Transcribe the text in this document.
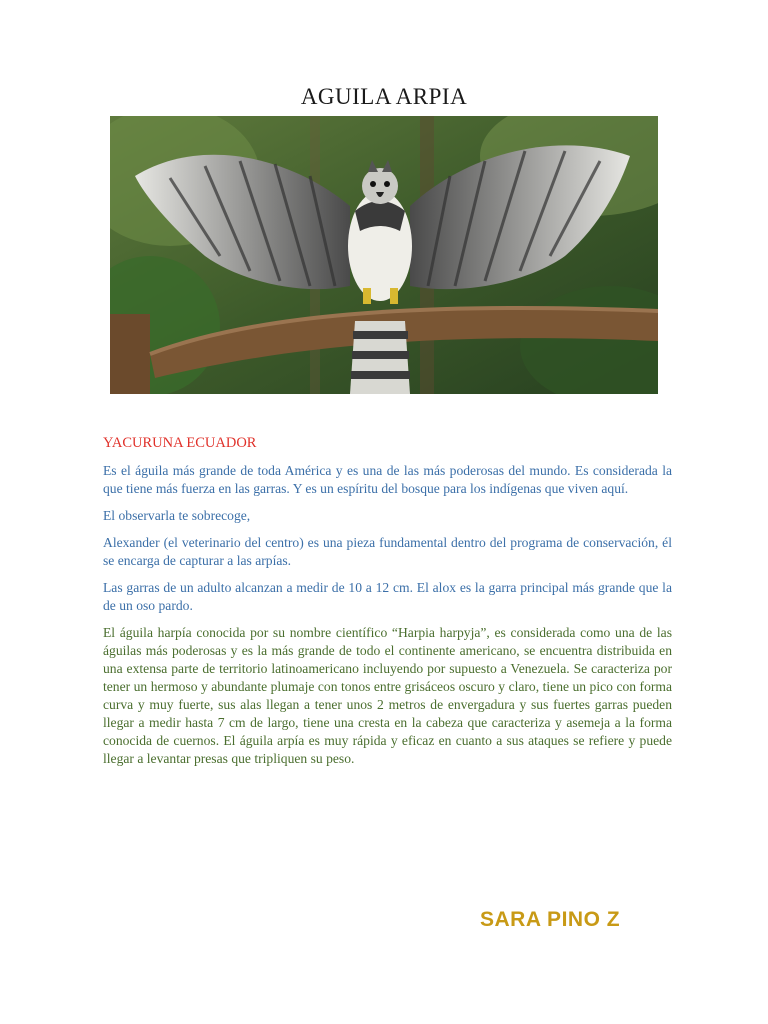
AGUILA ARPIA
YACURUNA ECUADOR

Es el águila más grande de toda América y es una de las más poderosas del mundo. Es considerada la que tiene más fuerza en las garras. Y es un espíritu del bosque para los indígenas que viven aquí.

El observarla te sobrecoge,

Alexander (el veterinario del centro) es una pieza fundamental dentro del programa de conservación, él se encarga de capturar a las arpías.

Las garras de un adulto alcanzan a medir de 10 a 12 cm. El alox es la garra principal más grande que la de un oso pardo.

El águila harpía conocida por su nombre científico “Harpia harpyja”, es considerada como una de las águilas más poderosas y es la más grande de todo el continente americano, se encuentra distribuida en una extensa parte de territorio latinoamericano incluyendo por supuesto a Venezuela. Se caracteriza por tener un hermoso y abundante plumaje con tonos entre grisáceos oscuro y claro, tiene un pico con forma curva y muy fuerte, sus alas llegan a tener unos 2 metros de envergadura y sus fuertes garras pueden llegar a medir hasta 7 cm de largo, tiene una cresta en la cabeza que caracteriza y asemeja a la forma conocida de cuernos. El águila arpía es muy rápida y eficaz en cuanto a sus ataques se refiere y puede llegar a levantar presas que tripliquen su peso.

SARA PINO Z
